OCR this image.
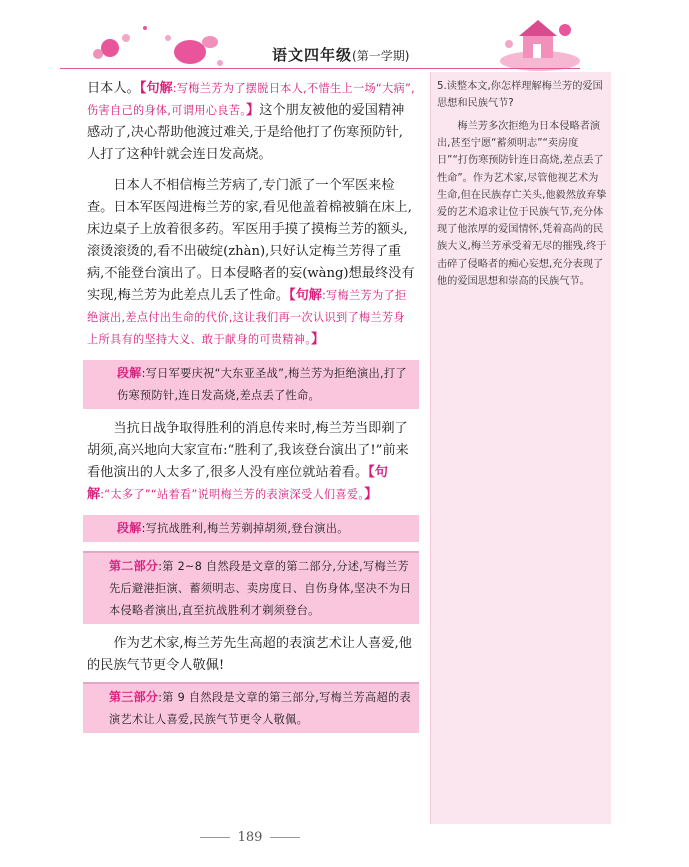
语文四年级(第一学期)

日本人。【句解:写梅兰芳为了摆脱日本人,不惜生上一场“大病”,伤害自己的身体,可谓用心良苦。】这个朋友被他的爱国精神感动了,决心帮助他渡过难关,于是给他打了伤寒预防针,人打了这种针就会连日发高烧。

日本人不相信梅兰芳病了,专门派了一个军医来检查。日本军医闯进梅兰芳的家,看见他盖着棉被躺在床上,床边桌子上放着很多药。军医用手摸了摸梅兰芳的额头,滚烫滚烫的,看不出破绽(zhàn),只好认定梅兰芳得了重病,不能登台演出了。日本侵略者的妄(wàng)想最终没有实现,梅兰芳为此差点儿丢了性命。【句解:写梅兰芳为了拒绝演出,差点付出生命的代价,这让我们再一次认识到了梅兰芳身上所具有的坚持大义、敢于献身的可贵精神。】

段解:写日军要庆祝“大东亚圣战”,梅兰芳为拒绝演出,打了伤寒预防针,连日发高烧,差点丢了性命。

当抗日战争取得胜利的消息传来时,梅兰芳当即剃了胡须,高兴地向大家宣布:“胜利了,我该登台演出了!”前来看他演出的人太多了,很多人没有座位就站着看。【句解:“太多了”“站着看”说明梅兰芳的表演深受人们喜爱。】

段解:写抗战胜利,梅兰芳剃掉胡须,登台演出。
第二部分:第 2~8 自然段是文章的第二部分,分述,写梅兰芳先后避港拒演、蓄须明志、卖房度日、自伤身体,坚决不为日本侵略者演出,直至抗战胜利才剃须登台。

作为艺术家,梅兰芳先生高超的表演艺术让人喜爱,他的民族气节更令人敬佩!

第三部分:第 9 自然段是文章的第三部分,写梅兰芳高超的表演艺术让人喜爱,民族气节更令人敬佩。
5.读整本文,你怎样理解梅兰芳的爱国思想和民族气节?
梅兰芳多次拒绝为日本侵略者演出,甚至宁愿“蓄须明志”“卖房度日”“打伤寒预防针连日高烧,差点丢了性命”。作为艺术家,尽管他视艺术为生命,但在民族存亡关头,他毅然放弃挚爱的艺术追求让位于民族气节,充分体现了他浓厚的爱国情怀,凭着高尚的民族大义,梅兰芳承受着无尽的摧残,终于击碎了侵略者的痴心妄想,充分表现了他的爱国思想和崇高的民族气节。
189
